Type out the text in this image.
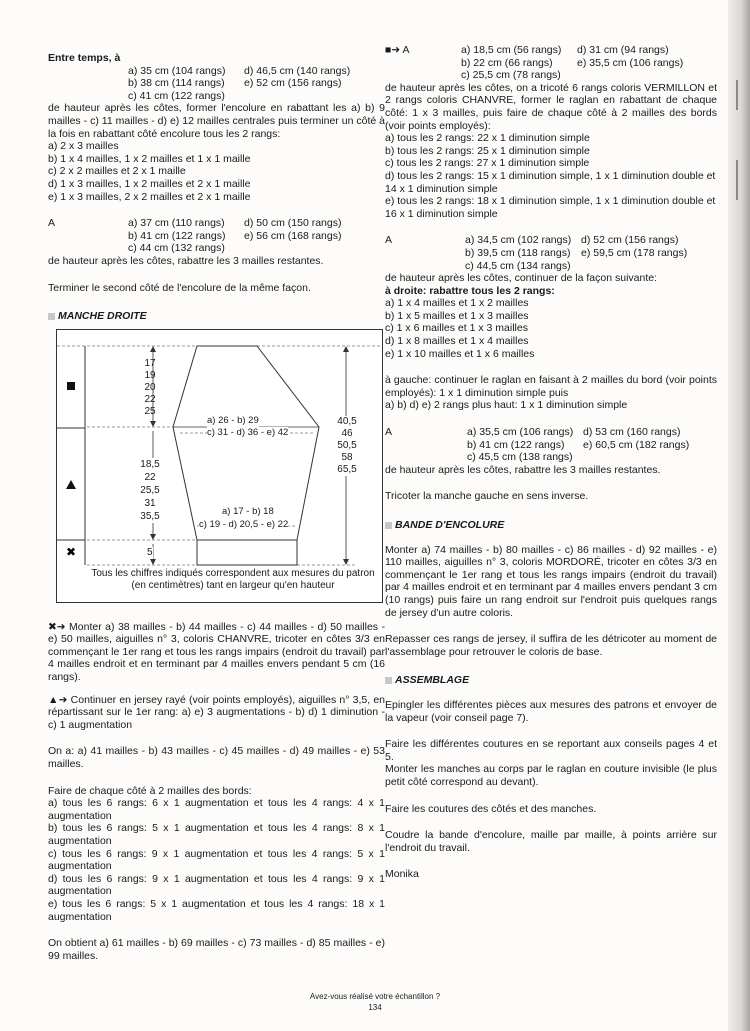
Entre temps, à

a) 35 cm (104 rangs)	d) 46,5 cm (140 rangs)
b) 38 cm (114 rangs)	e) 52 cm (156 rangs)
c) 41 cm (122 rangs)

de hauteur après les côtes, former l'encolure en rabattant les a) b) 9 mailles - c) 11 mailles - d) e) 12 mailles centrales puis terminer un côté à la fois en rabattant côté encolure tous les 2 rangs:

a) 2 x 3 mailles

b) 1 x 4 mailles, 1 x 2 mailles et 1 x 1 maille

c) 2 x 2 mailles et 2 x 1 maille

d) 1 x 3 mailles, 1 x 2 mailles et 2 x 1 maille

e) 1 x 3 mailles, 2 x 2 mailles et 2 x 1 maille

A	a) 37 cm (110 rangs)	d) 50 cm (150 rangs)
b) 41 cm (122 rangs)	e) 56 cm (168 rangs)
c) 44 cm (132 rangs)

de hauteur après les côtes, rabattre les 3 mailles restantes.

Terminer le second côté de l'encolure de la même façon.

MANCHE DROITE
✖
17
19
20
22
25
18,5
22
25,5
31
35,5
5
40,5
46
50,5
58
65,5
a) 26 - b) 29
c) 31 - d) 36 - e) 42
a) 17 - b) 18
c) 19 - d) 20,5 - e) 22
Tous les chiffres indiqués correspondent aux mesures du patron (en centimètres) tant en largeur qu'en hauteur

✖➜ Monter a) 38 mailles - b) 44 mailles - c) 44 mailles - d) 50 mailles - e) 50 mailles, aiguilles n° 3, coloris CHANVRE, tricoter en côtes 3/3 en commençant le 1er rang et tous les rangs impairs (endroit du travail) par 4 mailles endroit et en terminant par 4 mailles envers pendant 5 cm (16 rangs).

▲➜ Continuer en jersey rayé (voir points employés), aiguilles n° 3,5, en répartissant sur le 1er rang: a) e) 3 augmentations - b) d) 1 diminution - c) 1 augmentation

On a: a) 41 mailles - b) 43 mailles - c) 45 mailles - d) 49 mailles - e) 53 mailles.

Faire de chaque côté à 2 mailles des bords:

a) tous les 6 rangs: 6 x 1 augmentation et tous les 4 rangs: 4 x 1 augmentation

b) tous les 6 rangs: 5 x 1 augmentation et tous les 4 rangs: 8 x 1 augmentation

c) tous les 6 rangs: 9 x 1 augmentation et tous les 4 rangs: 5 x 1 augmentation

d) tous les 6 rangs: 9 x 1 augmentation et tous les 4 rangs: 9 x 1 augmentation

e) tous les 6 rangs: 5 x 1 augmentation et tous les 4 rangs: 18 x 1 augmentation

On obtient a) 61 mailles - b) 69 mailles - c) 73 mailles - d) 85 mailles - e) 99 mailles.

■➜ A	a) 18,5 cm (56 rangs)	d) 31 cm (94 rangs)
b) 22 cm (66 rangs)	e) 35,5 cm (106 rangs)
c) 25,5 cm (78 rangs)

de hauteur après les côtes, on a tricoté 6 rangs coloris VERMILLON et 2 rangs coloris CHANVRE, former le raglan en rabattant de chaque côté: 1 x 3 mailles, puis faire de chaque côté à 2 mailles des bords (voir points employés):

a) tous les 2 rangs: 22 x 1 diminution simple

b) tous les 2 rangs: 25 x 1 diminution simple

c) tous les 2 rangs: 27 x 1 diminution simple

d) tous les 2 rangs: 15 x 1 diminution simple, 1 x 1 diminution double et 14 x 1 diminution simple

e) tous les 2 rangs: 18 x 1 diminution simple, 1 x 1 diminution double et 16 x 1 diminution simple

A	a) 34,5 cm (102 rangs) d) 52 cm (156 rangs)
b) 39,5 cm (118 rangs)	e) 59,5 cm (178 rangs)
c) 44,5 cm (134 rangs)

de hauteur après les côtes, continuer de la façon suivante:

à droite: rabattre tous les 2 rangs:

a) 1 x 4 mailles et 1 x 2 mailles

b) 1 x 5 mailles et 1 x 3 mailles

c) 1 x 6 mailles et 1 x 3 mailles

d) 1 x 8 mailles et 1 x 4 mailles

e) 1 x 10 mailles et 1 x 6 mailles

à gauche: continuer le raglan en faisant à 2 mailles du bord (voir points employés): 1 x 1 diminution simple puis

a) b) d) e) 2 rangs plus haut: 1 x 1 diminution simple

A	a) 35,5 cm (106 rangs) d) 53 cm (160 rangs)
b) 41 cm (122 rangs)	e) 60,5 cm (182 rangs)
c) 45,5 cm (138 rangs)

de hauteur après les côtes, rabattre les 3 mailles restantes.

Tricoter la manche gauche en sens inverse.

BANDE D'ENCOLURE

Monter a) 74 mailles - b) 80 mailles - c) 86 mailles - d) 92 mailles - e) 110 mailles, aiguilles n° 3, coloris MORDORÉ, tricoter en côtes 3/3 en commençant le 1er rang et tous les rangs impairs (endroit du travail) par 4 mailles endroit et en terminant par 4 mailles envers pendant 3 cm (10 rangs) puis faire un rang endroit sur l'endroit puis quelques rangs de jersey d'un autre coloris.

Repasser ces rangs de jersey, il suffira de les détricoter au moment de l'assemblage pour retrouver le coloris de base.

ASSEMBLAGE

Epingler les différentes pièces aux mesures des patrons et envoyer de la vapeur (voir conseil page 7).

Faire les différentes coutures en se reportant aux conseils pages 4 et 5.

Monter les manches au corps par le raglan en couture invisible (le plus petit côté correspond au devant).

Faire les coutures des côtés et des manches.

Coudre la bande d'encolure, maille par maille, à points arrière sur l'endroit du travail.

Monika

Avez-vous réalisé votre échantillon ?
134
